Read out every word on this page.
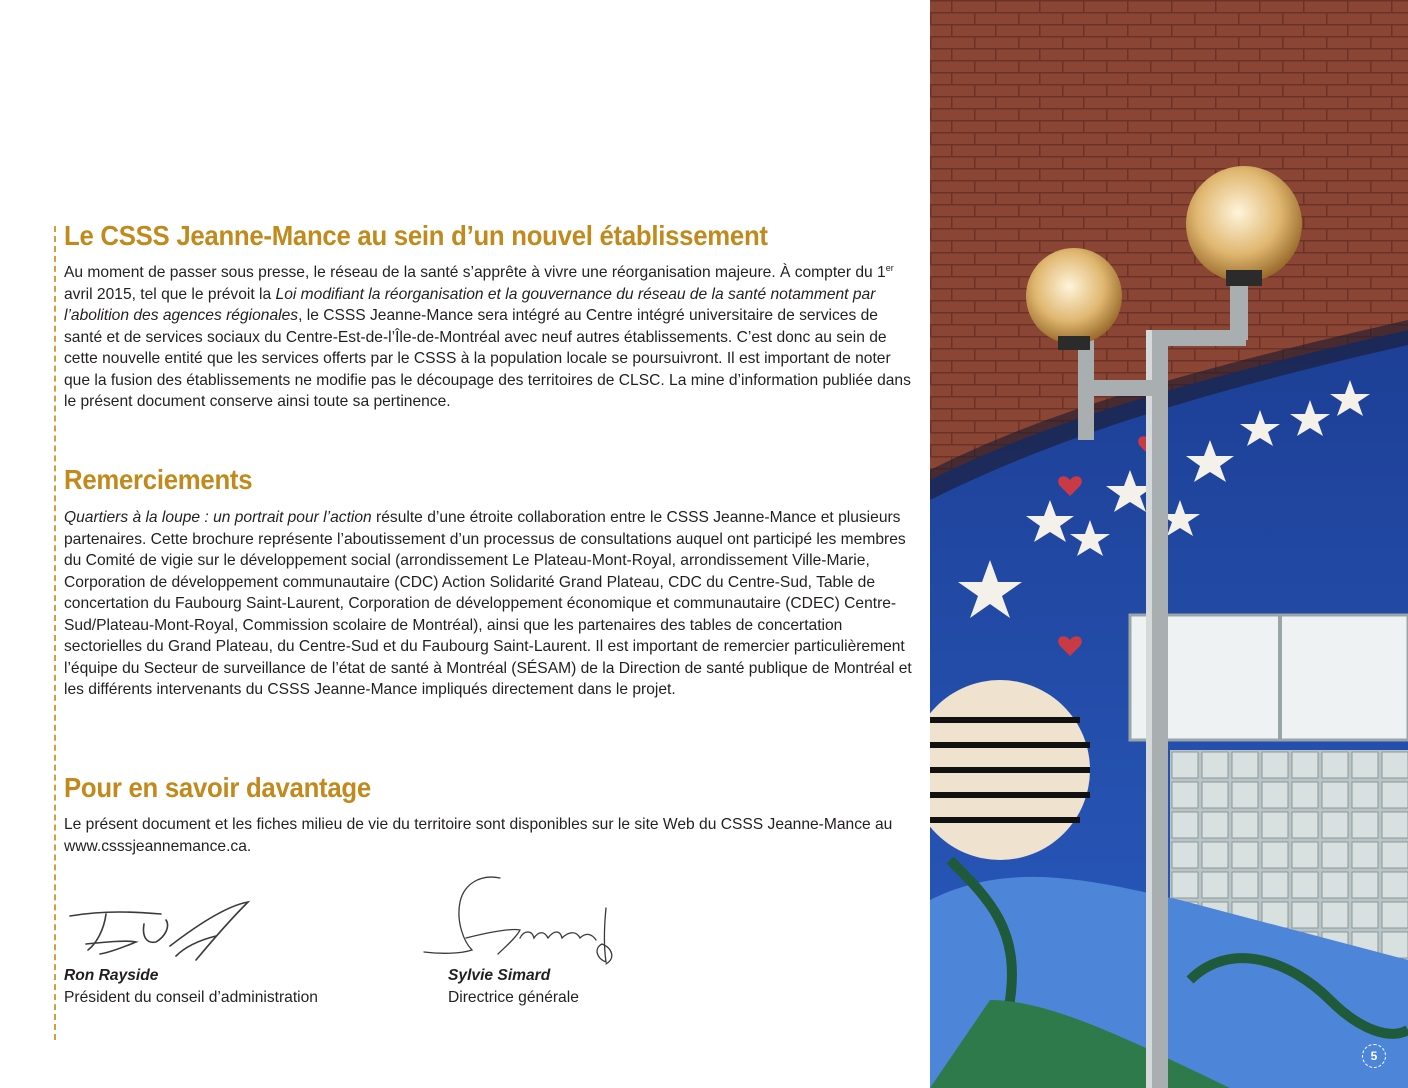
Le CSSS Jeanne-Mance au sein d’un nouvel établissement

Au moment de passer sous presse, le réseau de la santé s’apprête à vivre une réorganisation majeure. À compter du 1er avril 2015, tel que le prévoit la Loi modifiant la réorganisation et la gouvernance du réseau de la santé notamment par l’abolition des agences régionales, le CSSS Jeanne-Mance sera intégré au Centre intégré universitaire de services de santé et de services sociaux du Centre-Est-de-l’Île-de-Montréal avec neuf autres établissements. C’est donc au sein de cette nouvelle entité que les services offerts par le CSSS à la population locale se poursuivront. Il est important de noter que la fusion des établissements ne modifie pas le découpage des territoires de CLSC. La mine d’information publiée dans le présent document conserve ainsi toute sa pertinence.

Remerciements

Quartiers à la loupe : un portrait pour l’action résulte d’une étroite collaboration entre le CSSS Jeanne-Mance et plusieurs partenaires. Cette brochure représente l’aboutissement d’un processus de consultations auquel ont participé les membres du Comité de vigie sur le développement social (arrondissement Le Plateau-Mont-Royal, arrondissement Ville-Marie, Corporation de développement communautaire (CDC) Action Solidarité Grand Plateau, CDC du Centre-Sud, Table de concertation du Faubourg Saint-Laurent, Corporation de développement économique et communautaire (CDEC) Centre-Sud/Plateau-Mont-Royal, Commission scolaire de Montréal), ainsi que les partenaires des tables de concertation sectorielles du Grand Plateau, du Centre-Sud et du Faubourg Saint-Laurent. Il est important de remercier particulièrement l’équipe du Secteur de surveillance de l’état de santé à Montréal (SÉSAM) de la Direction de santé publique de Montréal et les différents intervenants du CSSS Jeanne-Mance impliqués directement dans le projet.

Pour en savoir davantage

Le présent document et les fiches milieu de vie du territoire sont disponibles sur le site Web du CSSS Jeanne-Mance au www.csssjeannemance.ca.

Ron Rayside
Président du conseil d’administration
Sylvie Simard
Directrice générale
5
